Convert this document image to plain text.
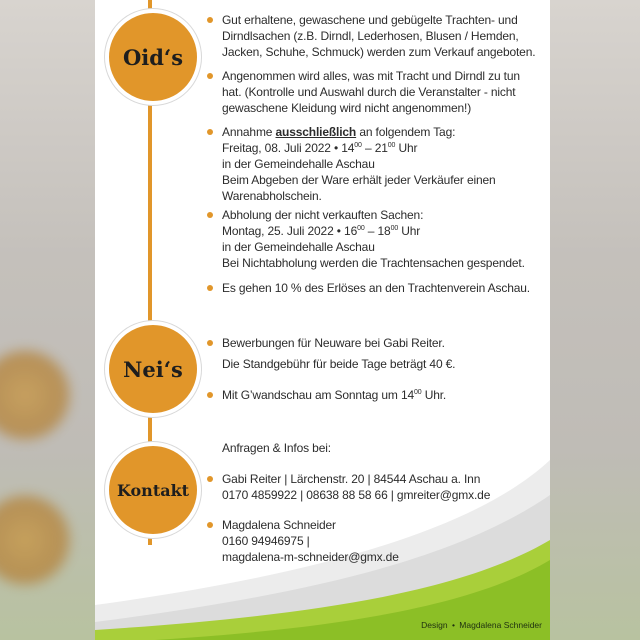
Oid‘s
Nei‘s
Kontakt
Gut erhaltene, gewaschene und gebügelte Trachten- und
Dirndlsachen (z.B. Dirndl, Lederhosen, Blusen / Hemden,
Jacken, Schuhe, Schmuck) werden zum Verkauf angeboten.
Angenommen wird alles, was mit Tracht und Dirndl zu tun
hat. (Kontrolle und Auswahl durch die Veranstalter - nicht
gewaschene Kleidung wird nicht angenommen!)
Annahme ausschließlich an folgendem Tag:
Freitag, 08. Juli 2022 • $14^{00} - 21^{00}$ Uhr
in der Gemeindehalle Aschau
Beim Abgeben der Ware erhält jeder Verkäufer einen
Warenabholschein.
Abholung der nicht verkauften Sachen:
Montag, 25. Juli 2022 • $16^{00} - 18^{00}$ Uhr
in der Gemeindehalle Aschau
Bei Nichtabholung werden die Trachtensachen gespendet.
Es gehen 10 % des Erlöses an den Trachtenverein Aschau.
Bewerbungen für Neuware bei Gabi Reiter.
Die Standgebühr für beide Tage beträgt 40 €.
Mit G’wandschau am Sonntag um $14^{00}$ Uhr.
Anfragen & Infos bei:
Gabi Reiter | Lärchenstr. 20 | 84544 Aschau a. Inn
0170 4859922 | 08638 88 58 66 | gmreiter@gmx.de
Magdalena Schneider
0160 94946975 |
magdalena-m-schneider@gmx.de
Design • Magdalena Schneider
